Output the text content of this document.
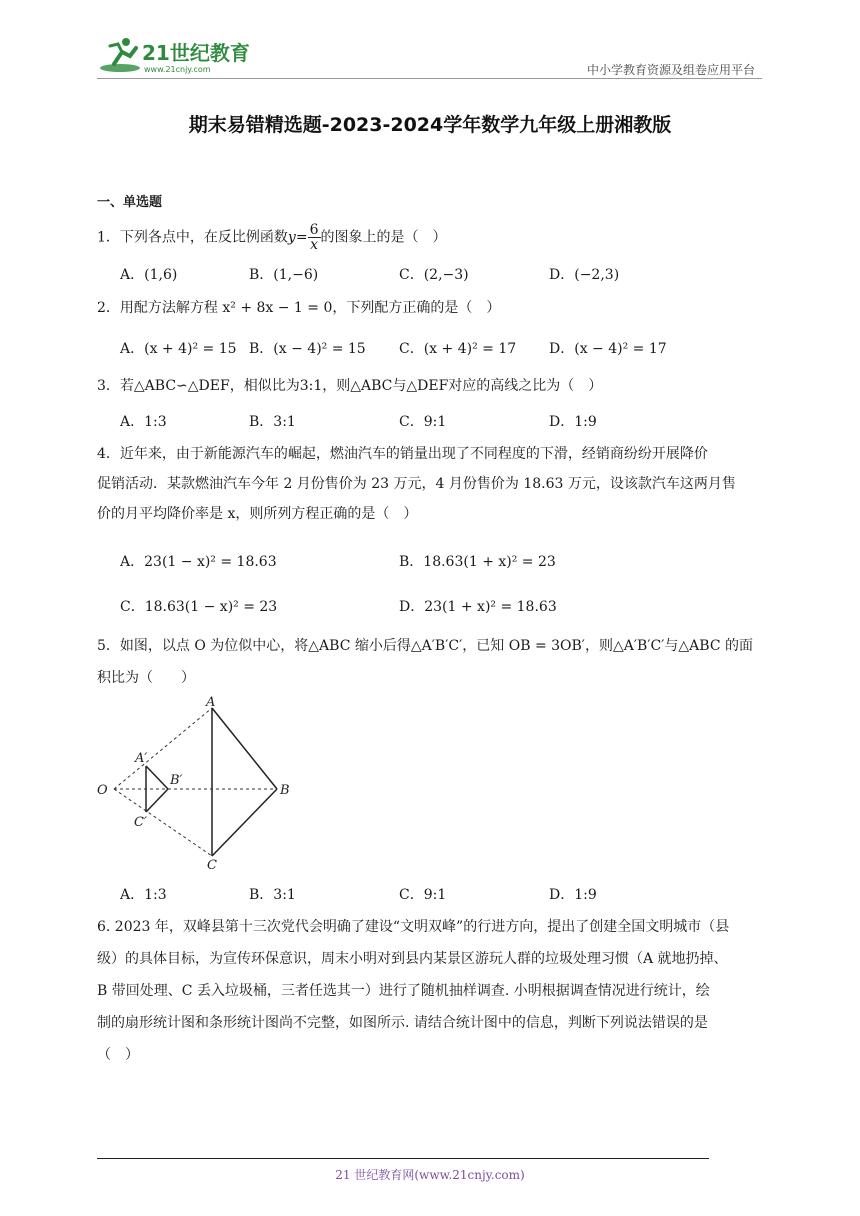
21世纪教育
www.21cnjy.com	中小学教育资源及组卷应用平台
期末易错精选题-2023-2024学年数学九年级上册湘教版
一、单选题
1．下列各点中，在反比例函数$y= \frac{6}{x}$ 的图象上的是（　）
A．(1,6)	B．(1,−6)	C．(2,−3)	D．(−2,3)
2．用配方法解方程 x² + 8x − 1 = 0，下列配方正确的是（　）
A．(x + 4)² = 15 B．(x − 4)² = 15 C．(x + 4)² = 17 D．(x − 4)² = 17
3．若△ABC∽△DEF，相似比为3:1，则△ABC与△DEF对应的高线之比为（　）
A．1:3	B．3:1	C．9:1	D．1:9
4．近年来，由于新能源汽车的崛起，燃油汽车的销量出现了不同程度的下滑，经销商纷纷开展降价
促销活动．某款燃油汽车今年 2 月份售价为 23 万元，4 月份售价为 18.63 万元，设该款汽车这两月售
价的月平均降价率是 x，则所列方程正确的是（　）
A．23(1 − x)² = 18.63	B．18.63(1 + x)² = 23
C．18.63(1 − x)² = 23	D．23(1 + x)² = 18.63
5．如图，以点 O 为位似中心，将△ABC 缩小后得△A′B′C′，已知 OB = 3OB′，则△A′B′C′与△ABC 的面
积比为（　　）
A
B
C
O
A′
B′
C′
A．1:3	B．3:1	C．9:1	D．1:9
6. 2023 年，双峰县第十三次党代会明确了建设“文明双峰”的行进方向，提出了创建全国文明城市（县
级）的具体目标，为宣传环保意识，周末小明对到县内某景区游玩人群的垃圾处理习惯（A 就地扔掉、
B 带回处理、C 丢入垃圾桶，三者任选其一）进行了随机抽样调查. 小明根据调查情况进行统计，绘
制的扇形统计图和条形统计图尚不完整，如图所示. 请结合统计图中的信息，判断下列说法错误的是
（　）
21 世纪教育网(www.21cnjy.com)
